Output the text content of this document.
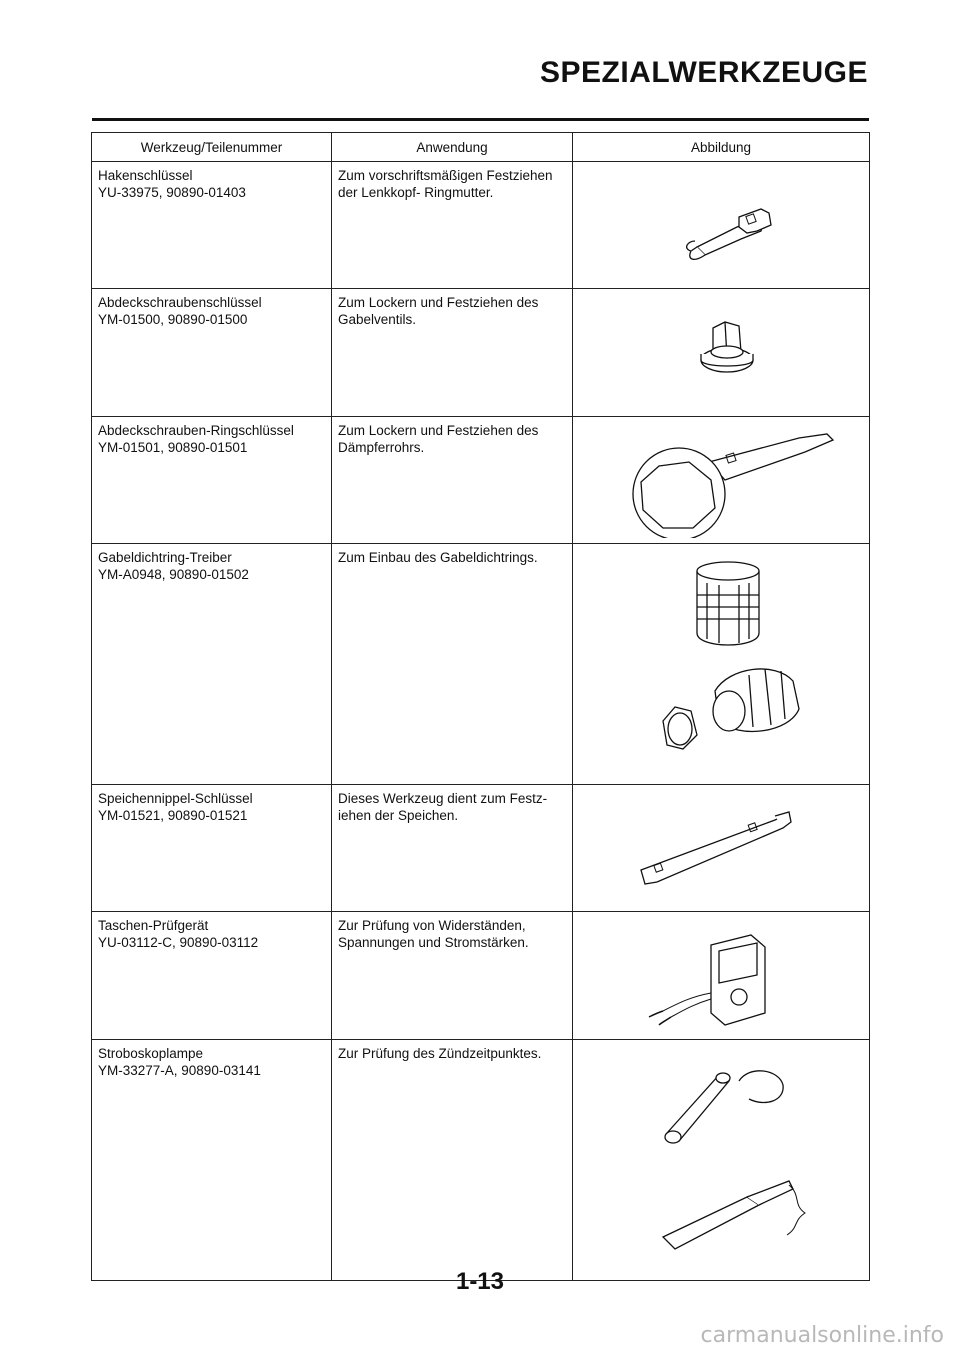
SPEZIALWERKZEUGE
Werkzeug/Teilenummer	Anwendung	Abbildung

Hakenschlüssel
YU-33975, 90890-01403	Zum vorschriftsmäßigen Festziehen
der Lenkkopf- Ringmutter.

Abdeckschraubenschlüssel
YM-01500, 90890-01500	Zum Lockern und Festziehen des
Gabelventils.

Abdeckschrauben-Ringschlüssel
YM-01501, 90890-01501	Zum Lockern und Festziehen des
Dämpferrohrs.

Gabeldichtring-Treiber
YM-A0948, 90890-01502	Zum Einbau des Gabeldichtrings.

Speichennippel-Schlüssel
YM-01521, 90890-01521	Dieses Werkzeug dient zum Festz-
iehen der Speichen.

Taschen-Prüfgerät
YU-03112-C, 90890-03112	Zur Prüfung von Widerständen,
Spannungen und Stromstärken.

Stroboskoplampe
YM-33277-A, 90890-03141	Zur Prüfung des Zündzeitpunktes.

1-13
carmanualsonline.info
